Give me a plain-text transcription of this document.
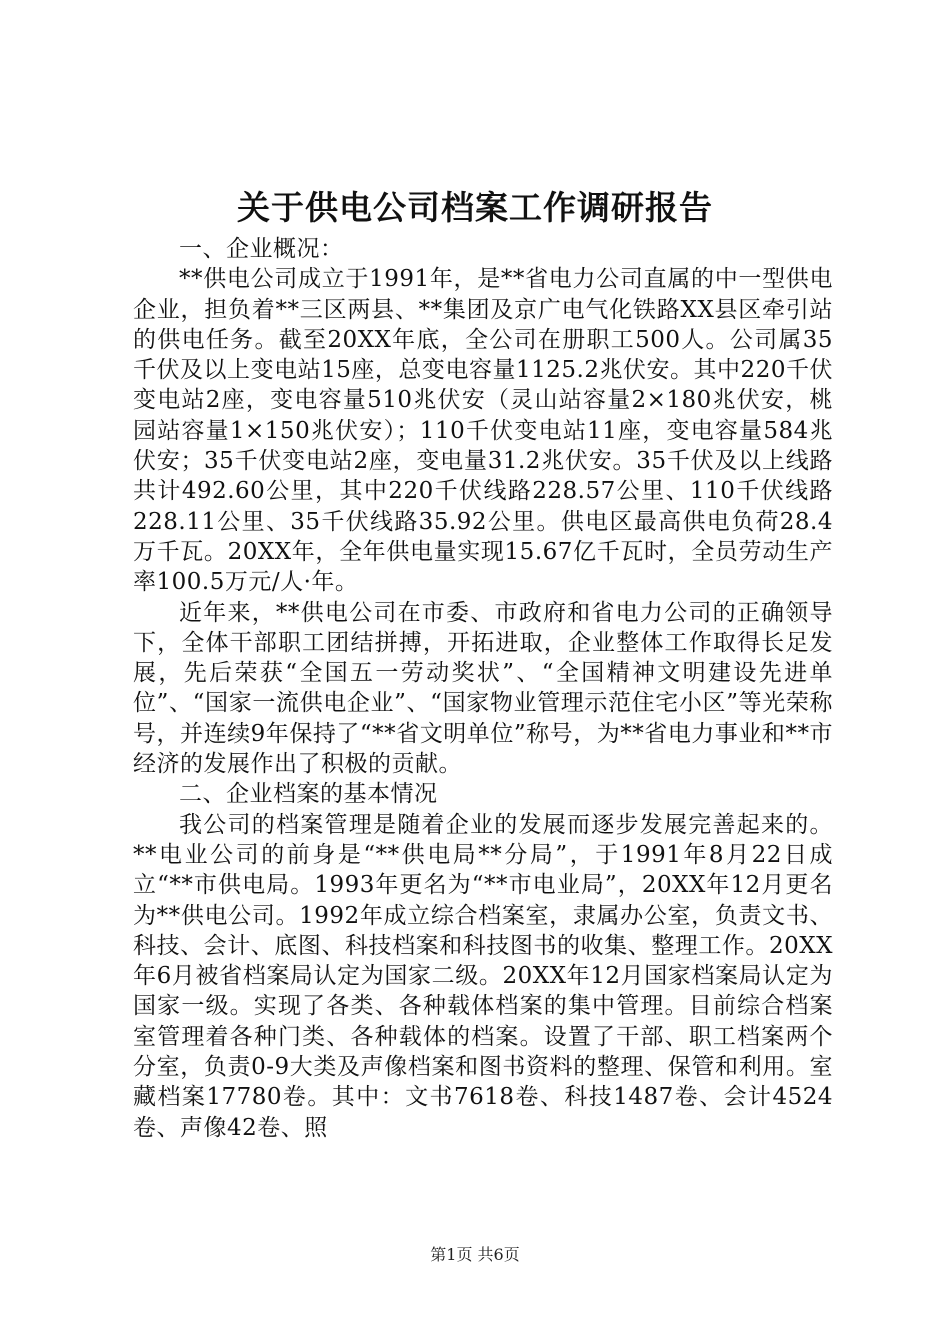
关于供电公司档案工作调研报告

一、企业概况：

**供电公司成立于1991年，是**省电力公司直属的中一型供电企业，担负着**三区两县、**集团及京广电气化铁路XX县区牵引站的供电任务。截至20XX年底，全公司在册职工500人。公司属35千伏及以上变电站15座，总变电容量1125.2兆伏安。其中220千伏变电站2座，变电容量510兆伏安（灵山站容量2×180兆伏安，桃园站容量1×150兆伏安）；110千伏变电站11座，变电容量584兆伏安；35千伏变电站2座，变电量31.2兆伏安。35千伏及以上线路共计492.60公里，其中220千伏线路228.57公里、110千伏线路228.11公里、35千伏线路35.92公里。供电区最高供电负荷28.4万千瓦。20XX年，全年供电量实现15.67亿千瓦时，全员劳动生产率100.5万元/人·年。

近年来，**供电公司在市委、市政府和省电力公司的正确领导下，全体干部职工团结拼搏，开拓进取，企业整体工作取得长足发展，先后荣获“全国五一劳动奖状”、“全国精神文明建设先进单位”、“国家一流供电企业”、“国家物业管理示范住宅小区”等光荣称号，并连续9年保持了“**省文明单位”称号，为**省电力事业和**市经济的发展作出了积极的贡献。

二、企业档案的基本情况

我公司的档案管理是随着企业的发展而逐步发展完善起来的。**电业公司的前身是“**供电局**分局”，于1991年8月22日成立“**市供电局。1993年更名为“**市电业局”，20XX年12月更名为**供电公司。1992年成立综合档案室，隶属办公室，负责文书、科技、会计、底图、科技档案和科技图书的收集、整理工作。20XX年6月被省档案局认定为国家二级。20XX年12月国家档案局认定为国家一级。实现了各类、各种载体档案的集中管理。目前综合档案室管理着各种门类、各种载体的档案。设置了干部、职工档案两个分室，负责0-9大类及声像档案和图书资料的整理、保管和利用。室藏档案17780卷。其中：文书7618卷、科技1487卷、会计4524卷、声像42卷、照

第1页 共6页
